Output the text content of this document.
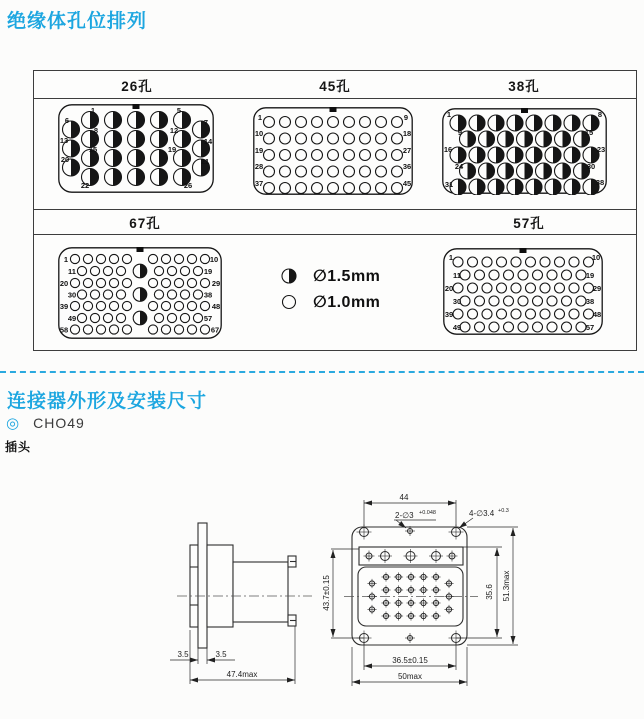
绝缘体孔位排列
26孔	45孔	38孔
67孔	57孔
1	5
6	7
8	12
13	14
15	19
20	21
22	26
1	9
10	18
19	27
28	36
37	45
1	8
9	15
16	23
24	30
31	38
1	10
11	19
20	29
30	38
39	48
49	57
58	67
1	10
11	19
20	29
30	38
39	48
49	57
∅1.5mm
∅1.0mm
连接器外形及安装尺寸
◎ CHO49
插头
3.5	3.5
47.4max
44
2-∅3 +0.048	4-∅3.4 +0.3
43.7±0.15	35.6 51.3max
36.5±0.15
50max
